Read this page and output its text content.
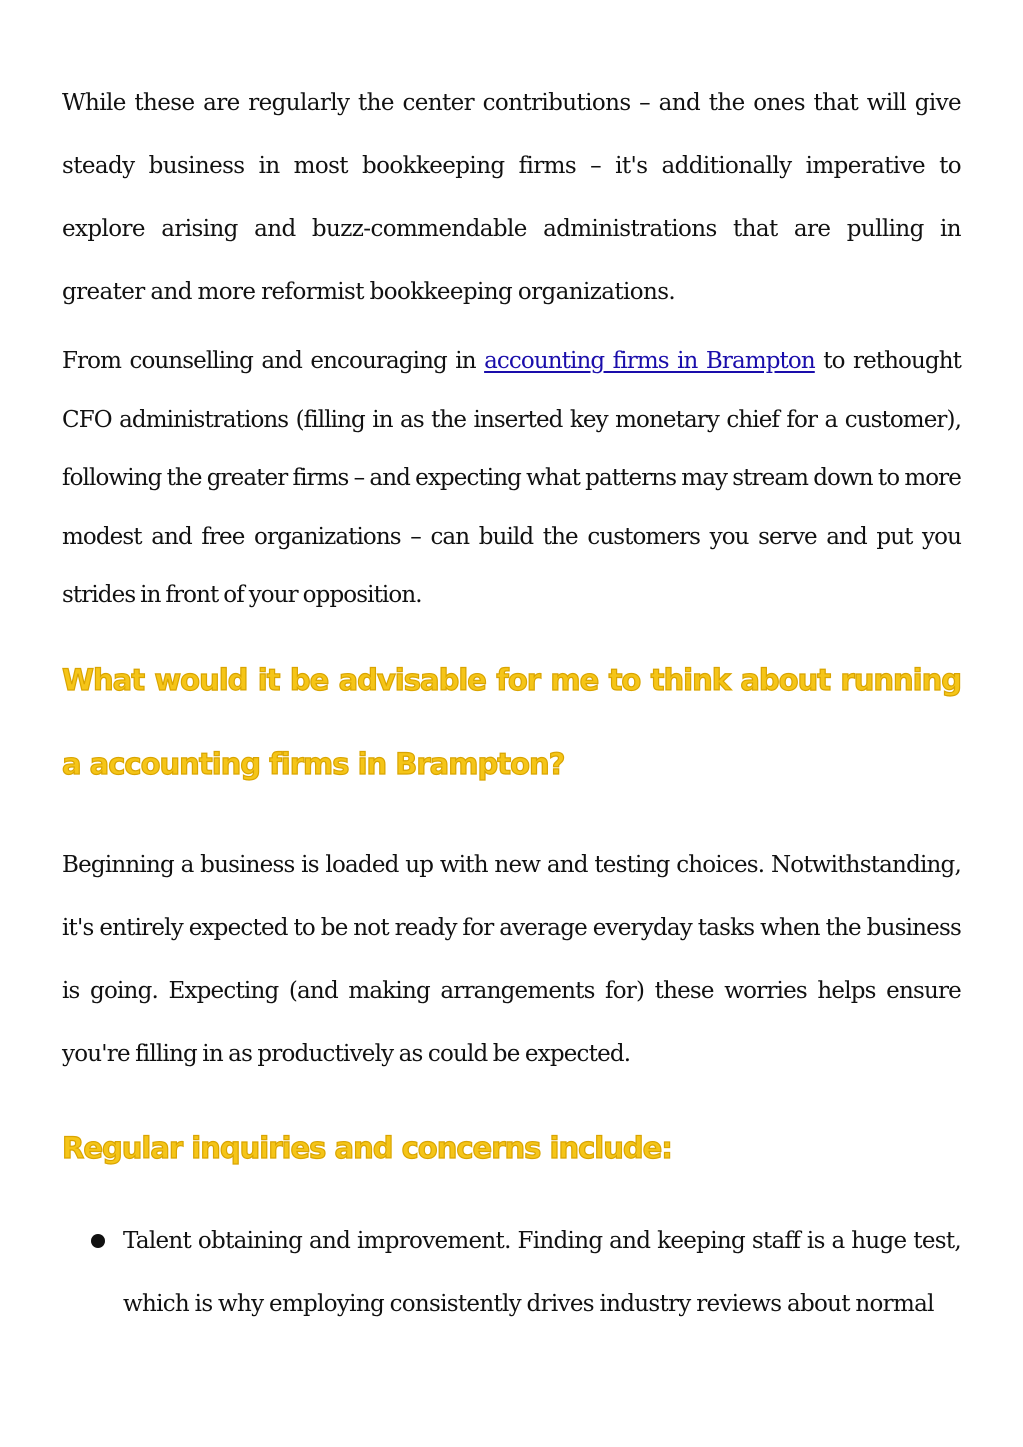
While these are regularly the center contributions – and the ones that will give steady business in most bookkeeping firms – it's additionally imperative to explore arising and buzz-commendable administrations that are pulling in greater and more reformist bookkeeping organizations.

From counselling and encouraging in accounting firms in Brampton to rethought CFO administrations (filling in as the inserted key monetary chief for a customer), following the greater firms – and expecting what patterns may stream down to more modest and free organizations – can build the customers you serve and put you strides in front of your opposition.

What would it be advisable for me to think about running a accounting firms in Brampton?

Beginning a business is loaded up with new and testing choices. Notwithstanding, it's entirely expected to be not ready for average everyday tasks when the business is going. Expecting (and making arrangements for) these worries helps ensure you're filling in as productively as could be expected.

Regular inquiries and concerns include:
Talent obtaining and improvement. Finding and keeping staff is a huge test, which is why employing consistently drives industry reviews about normal
